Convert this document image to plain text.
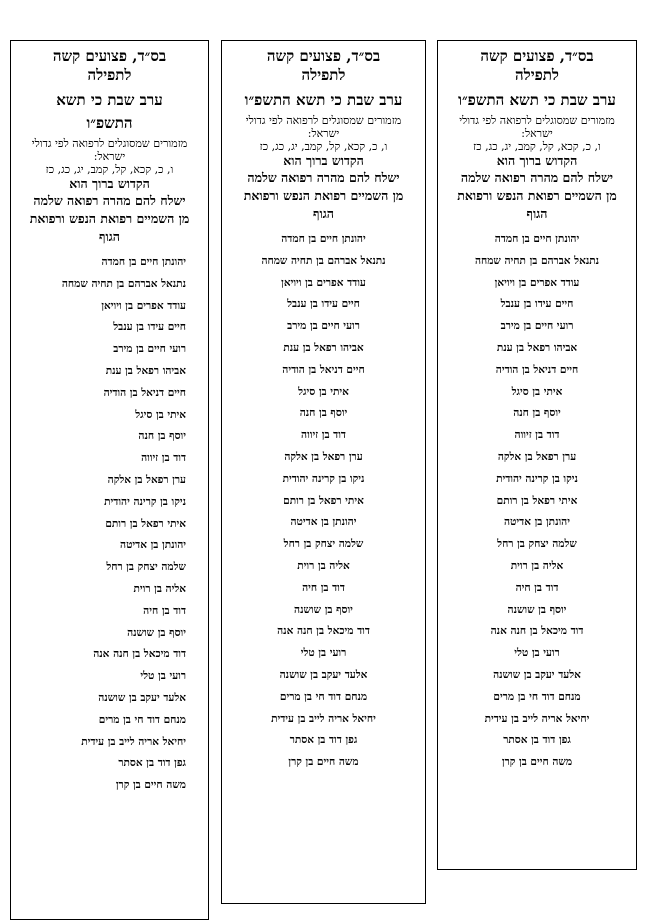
בס״ד, פצועים קשה
לתפילה
ערב שבת כי תשא
התשפ״ו
מזמורים שמסוגלים לרפואה לפי גדולי
ישראל:
ו, כ, קכא, קל, קמב, יג, כג, כז
הקדוש ברוך הוא
ישלח להם מהרה רפואה שלמה
מן השמיים רפואת הנפש ורפואת
הגוף
יהונתן חיים בן חמדה
נתנאל אברהם בן תחיה שמחה
עודד אפרים בן ויויאן
חיים עידו בן ענבל
רועי חיים בן מירב
אביהו רפאל בן ענת
חיים דניאל בן הודיה
איתי בן סיגל
יוסף בן חנה
דוד בן זיווה
ערן רפאל בן אלקה
ניקו בן קרינה יהודית
איתי רפאל בן רותם
יהונתן בן אדיטה
שלמה יצחק בן רחל
אליה בן רוית
דוד בן חיה
יוסף בן שושנה
דוד מיכאל בן חנה אנה
רועי בן טלי
אלעד יעקב בן שושנה
מנחם דוד חי בן מרים
יחיאל אריה לייב בן עידית
גפן דוד בן אסתר
משה חיים בן קרן
בס״ד, פצועים קשה
לתפילה
ערב שבת כי תשא התשפ״ו
מזמורים שמסוגלים לרפואה לפי גדולי
ישראל:
ו, כ, קכא, קל, קמב, יג, כג, כז
הקדוש ברוך הוא
ישלח להם מהרה רפואה שלמה
מן השמיים רפואת הנפש ורפואת
הגוף
יהונתן חיים בן חמדה
נתנאל אברהם בן תחיה שמחה
עודד אפרים בן ויויאן
חיים עידו בן ענבל
רועי חיים בן מירב
אביהו רפאל בן ענת
חיים דניאל בן הודיה
איתי בן סיגל
יוסף בן חנה
דוד בן זיווה
ערן רפאל בן אלקה
ניקו בן קרינה יהודית
איתי רפאל בן רותם
יהונתן בן אדיטה
שלמה יצחק בן רחל
אליה בן רוית
דוד בן חיה
יוסף בן שושנה
דוד מיכאל בן חנה אנה
רועי בן טלי
אלעד יעקב בן שושנה
מנחם דוד חי בן מרים
יחיאל אריה לייב בן עידית
גפן דוד בן אסתר
משה חיים בן קרן
בס״ד, פצועים קשה
לתפילה
ערב שבת כי תשא התשפ״ו
מזמורים שמסוגלים לרפואה לפי גדולי
ישראל:
ו, כ, קכא, קל, קמב, יג, כג, כז
הקדוש ברוך הוא
ישלח להם מהרה רפואה שלמה
מן השמיים רפואת הנפש ורפואת
הגוף
יהונתן חיים בן חמדה
נתנאל אברהם בן תחיה שמחה
עודד אפרים בן ויויאן
חיים עידו בן ענבל
רועי חיים בן מירב
אביהו רפאל בן ענת
חיים דניאל בן הודיה
איתי בן סיגל
יוסף בן חנה
דוד בן זיווה
ערן רפאל בן אלקה
ניקו בן קרינה יהודית
איתי רפאל בן רותם
יהונתן בן אדיטה
שלמה יצחק בן רחל
אליה בן רוית
דוד בן חיה
יוסף בן שושנה
דוד מיכאל בן חנה אנה
רועי בן טלי
אלעד יעקב בן שושנה
מנחם דוד חי בן מרים
יחיאל אריה לייב בן עידית
גפן דוד בן אסתר
משה חיים בן קרן
